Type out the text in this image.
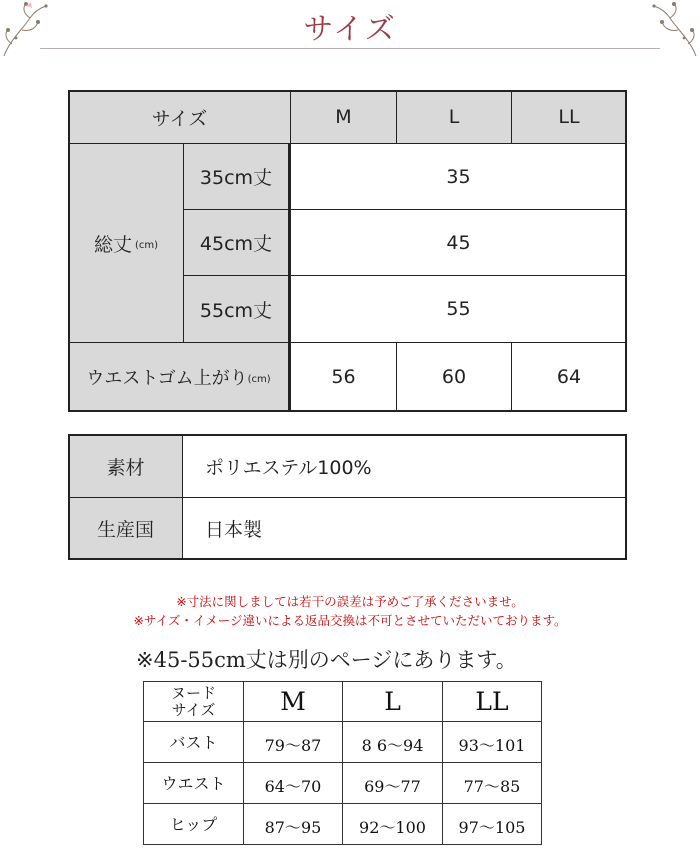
サイズ
サイズ	M	L	LL
総丈 (cm)
35cm丈	35
45cm丈	45
55cm丈	55
ウエストゴム上がり (cm)	56	60	64
素材	ポリエステル100%
生産国	日本製
※寸法に関しましては若干の誤差は予めご了承くださいませ。
※サイズ・イメージ違いによる返品交換は不可とさせていただいております。
※45-55cm丈は別のページにあります。
ヌード
サイズ	M	L	LL
バスト	79～87	8 6～94	93～101
ウエスト	64～70	69～77	77～85
ヒップ	87～95	92～100	97～105
